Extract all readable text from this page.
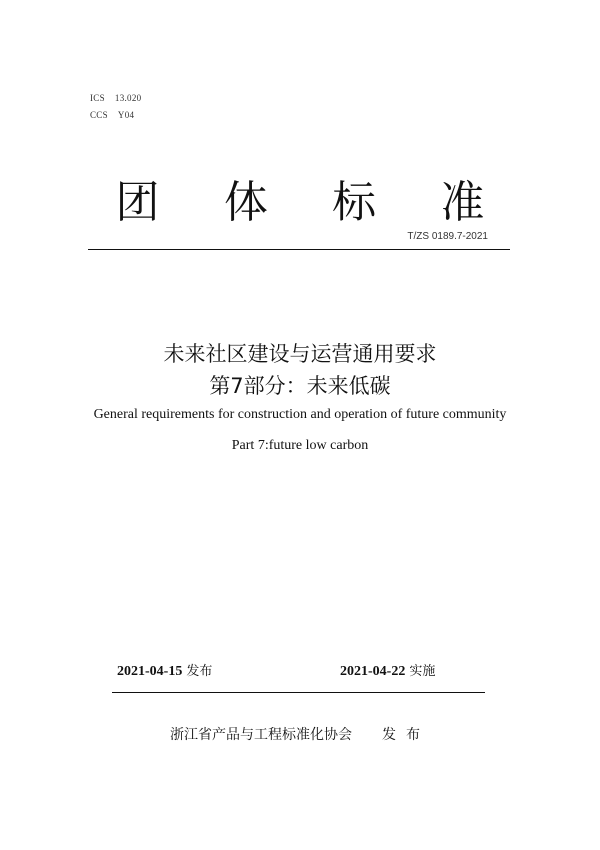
ICS 13.020
CCS Y04
团	体	标	准
T/ZS 0189.7-2021
未来社区建设与运营通用要求
第7部分：未来低碳
General requirements for construction and operation of future community
Part 7:future low carbon
2021-04-15 发布	2021-04-22 实施
浙江省产品与工程标准化协会 发布
